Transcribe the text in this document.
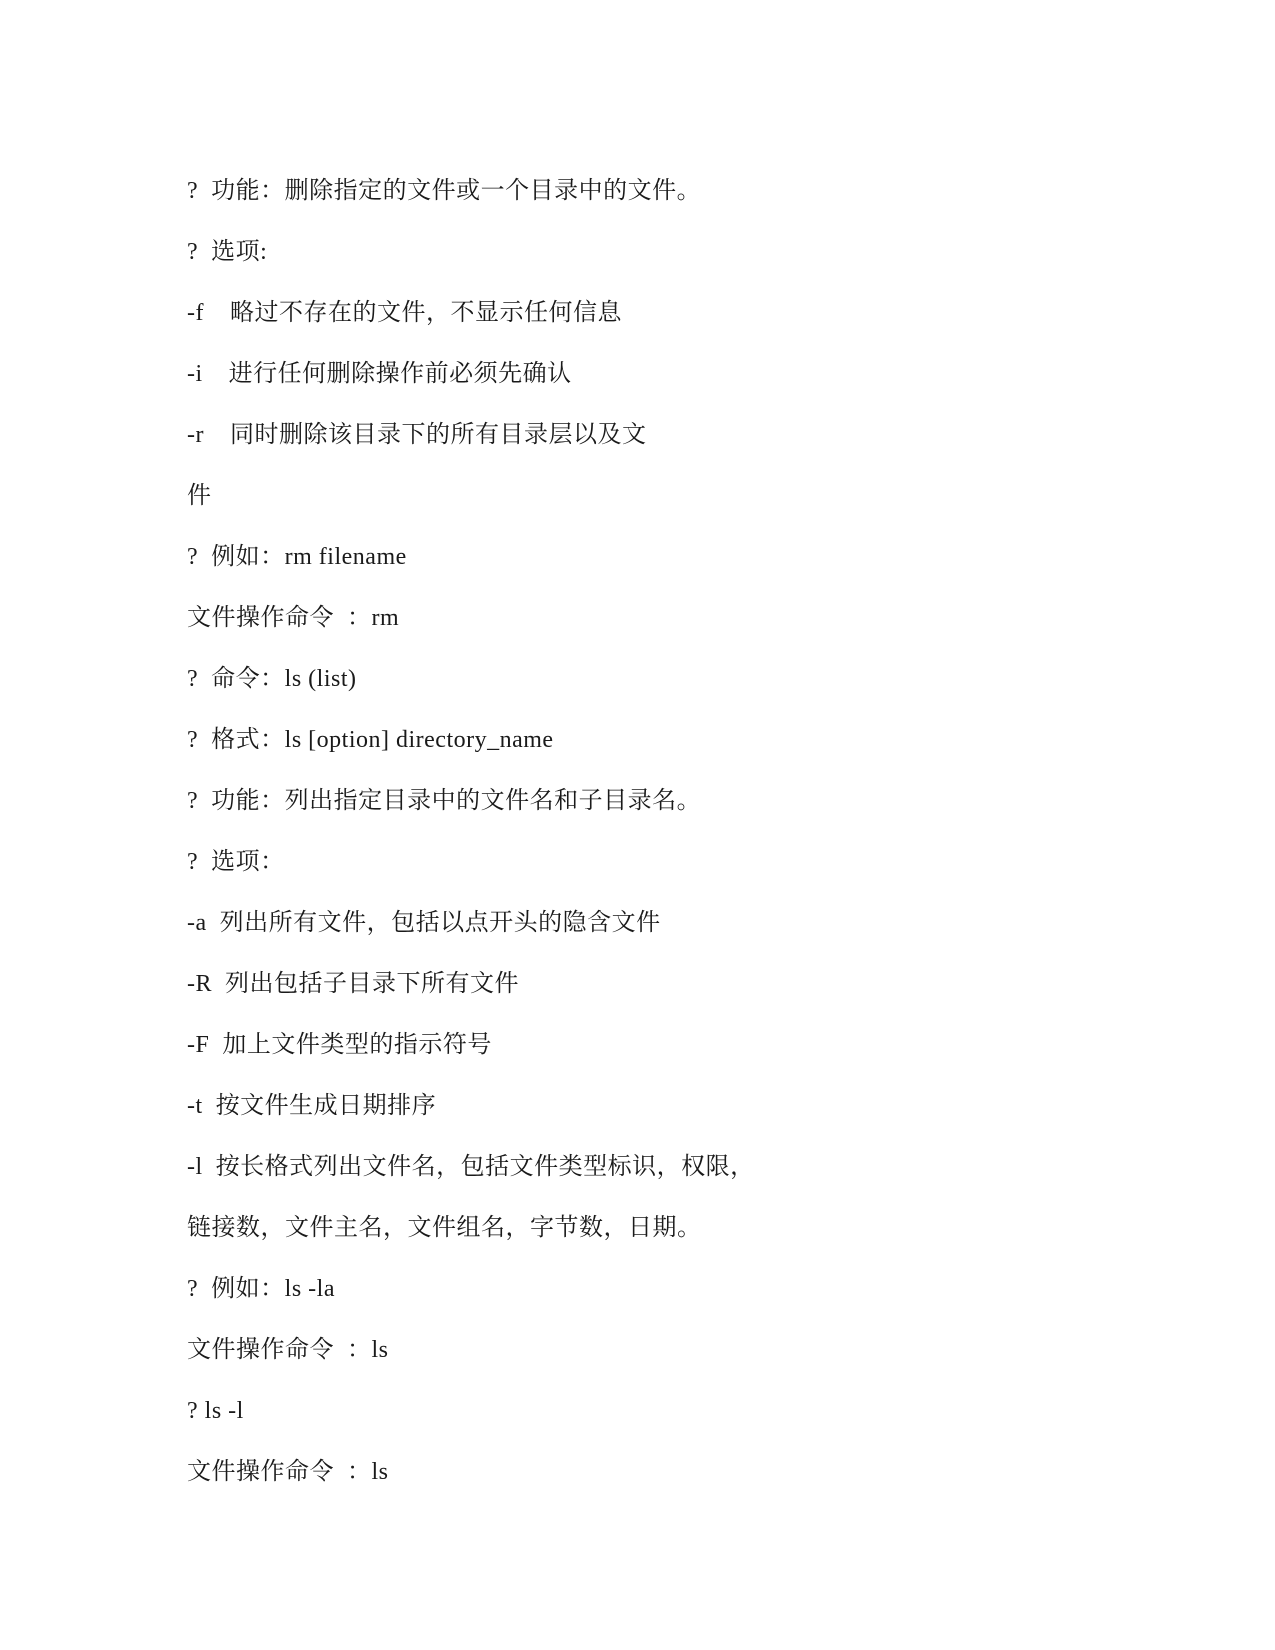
?  功能：删除指定的文件或一个目录中的文件。
?  选项:
-f    略过不存在的文件，不显示任何信息
-i    进行任何删除操作前必须先确认
-r    同时删除该目录下的所有目录层以及文
件
?  例如：rm filename
文件操作命令  ：rm
?  命令：ls (list)
?  格式：ls [option] directory_name
?  功能：列出指定目录中的文件名和子目录名。
?  选项：
-a  列出所有文件，包括以点开头的隐含文件
-R  列出包括子目录下所有文件
-F  加上文件类型的指示符号
-t  按文件生成日期排序
-l  按长格式列出文件名，包括文件类型标识，权限，
链接数，文件主名，文件组名，字节数，日期。
?  例如：ls -la
文件操作命令  ：ls
? ls -l
文件操作命令  ：ls
